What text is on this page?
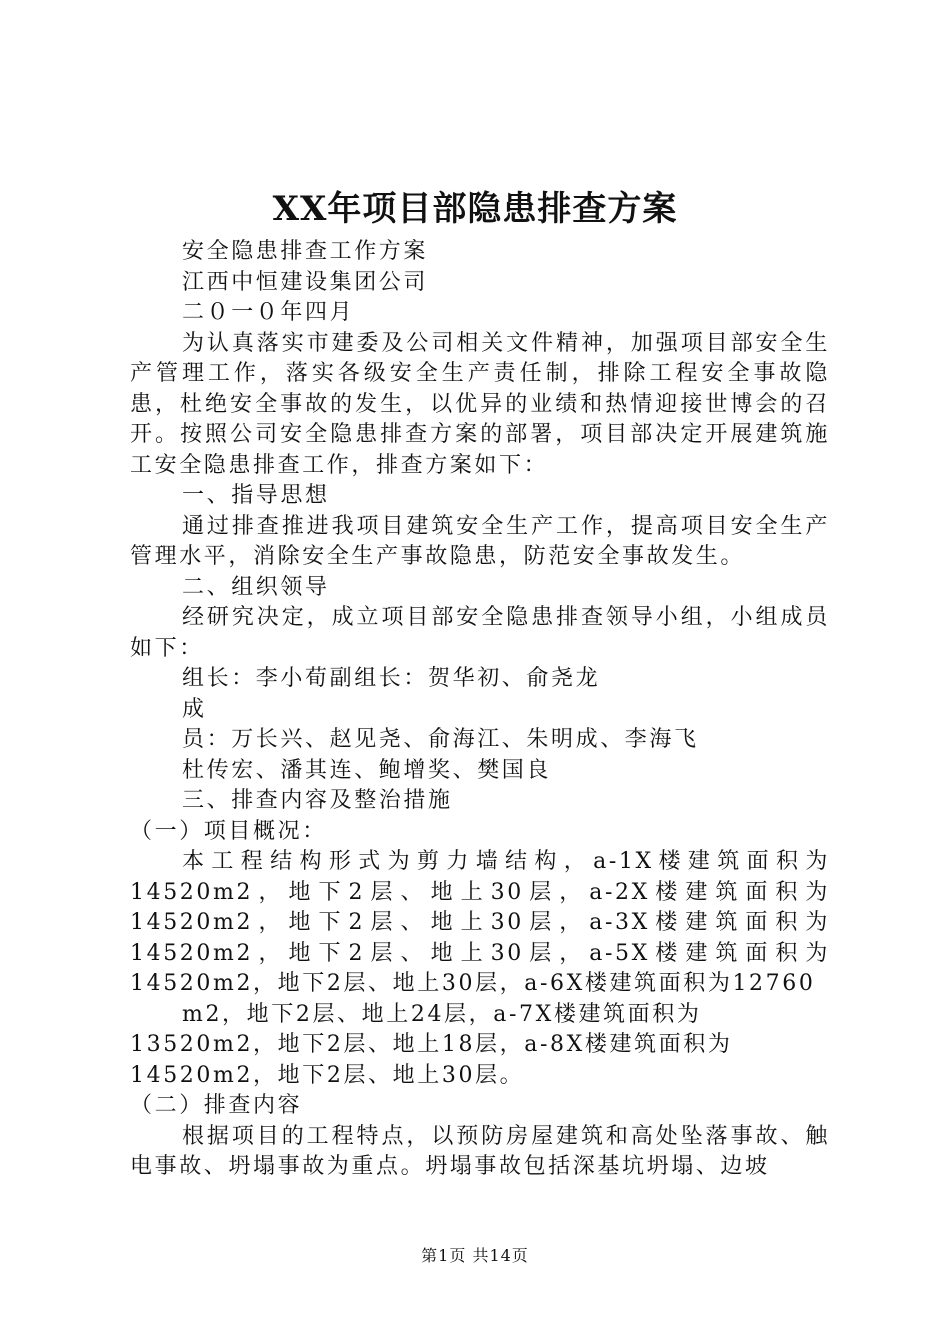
XX年项目部隐患排查方案

安全隐患排查工作方案

江西中恒建设集团公司

二０一０年四月

为认真落实市建委及公司相关文件精神，加强项目部安全生产管理工作，落实各级安全生产责任制，排除工程安全事故隐患，杜绝安全事故的发生，以优异的业绩和热情迎接世博会的召开。按照公司安全隐患排查方案的部署，项目部决定开展建筑施工安全隐患排查工作，排查方案如下：

一、指导思想

通过排查推进我项目建筑安全生产工作，提高项目安全生产管理水平，消除安全生产事故隐患，防范安全事故发生。

二、组织领导

经研究决定，成立项目部安全隐患排查领导小组，小组成员如下：

组长：李小荀副组长：贺华初、俞尧龙

成

员：万长兴、赵见尧、俞海江、朱明成、李海飞

杜传宏、潘其连、鲍增奖、樊国良

三、排查内容及整治措施

（一）项目概况：

本工程结构形式为剪力墙结构，a-1X楼建筑面积为14520m2，地下2层、地上30层，a-2X楼建筑面积为14520m2，地下2层、地上30层，a-3X楼建筑面积为14520m2，地下2层、地上30层，a-5X楼建筑面积为14520m2，地下2层、地上30层，a-6X楼建筑面积为12760

m2，地下2层、地上24层，a-7X楼建筑面积为13520m2，地下2层、地上18层，a-8X楼建筑面积为14520m2，地下2层、地上30层。

（二）排查内容

根据项目的工程特点，以预防房屋建筑和高处坠落事故、触电事故、坍塌事故为重点。坍塌事故包括深基坑坍塌、边坡

第1页 共14页
